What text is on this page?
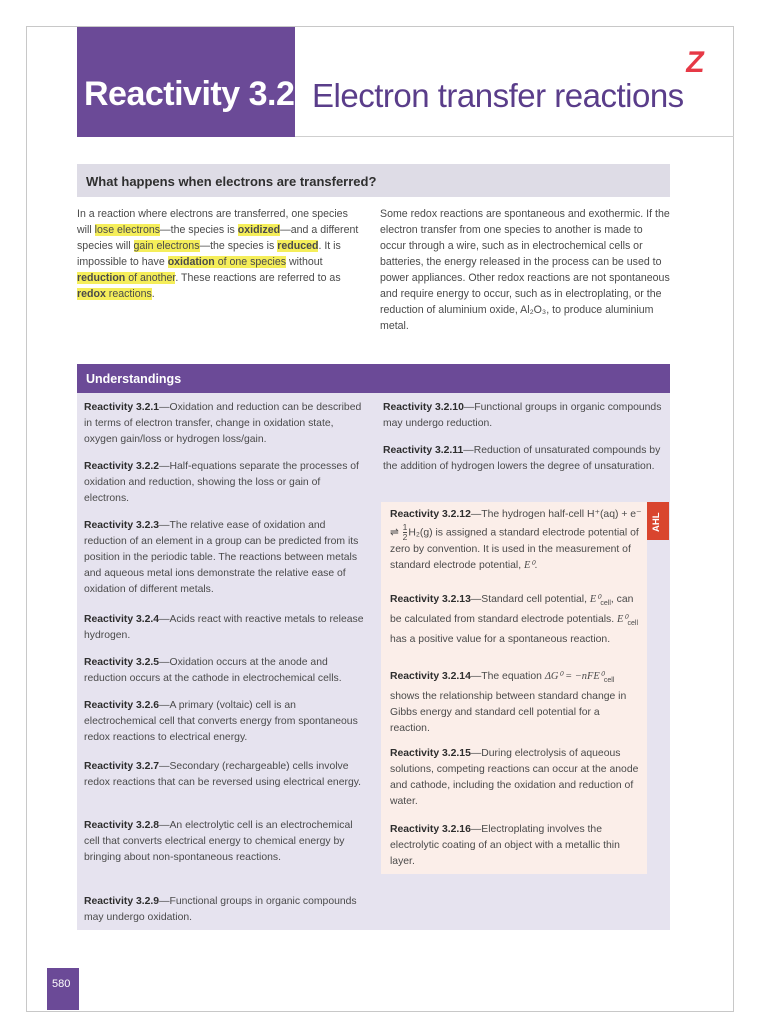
Reactivity 3.2 Electron transfer reactions
Z
What happens when electrons are transferred?
In a reaction where electrons are transferred, one species will lose electrons—the species is oxidized—and a different species will gain electrons—the species is reduced. It is impossible to have oxidation of one species without reduction of another. These reactions are referred to as redox reactions.
Some redox reactions are spontaneous and exothermic. If the electron transfer from one species to another is made to occur through a wire, such as in electrochemical cells or batteries, the energy released in the process can be used to power appliances. Other redox reactions are not spontaneous and require energy to occur, such as in electroplating, or the reduction of aluminium oxide, Al₂O₃, to produce aluminium metal.
Understandings
Reactivity 3.2.1—Oxidation and reduction can be described in terms of electron transfer, change in oxidation state, oxygen gain/loss or hydrogen loss/gain.
Reactivity 3.2.2—Half-equations separate the processes of oxidation and reduction, showing the loss or gain of electrons.
Reactivity 3.2.3—The relative ease of oxidation and reduction of an element in a group can be predicted from its position in the periodic table. The reactions between metals and aqueous metal ions demonstrate the relative ease of oxidation of different metals.
Reactivity 3.2.4—Acids react with reactive metals to release hydrogen.
Reactivity 3.2.5—Oxidation occurs at the anode and reduction occurs at the cathode in electrochemical cells.
Reactivity 3.2.6—A primary (voltaic) cell is an electrochemical cell that converts energy from spontaneous redox reactions to electrical energy.
Reactivity 3.2.7—Secondary (rechargeable) cells involve redox reactions that can be reversed using electrical energy.
Reactivity 3.2.8—An electrolytic cell is an electrochemical cell that converts electrical energy to chemical energy by bringing about non-spontaneous reactions.
Reactivity 3.2.9—Functional groups in organic compounds may undergo oxidation.
Reactivity 3.2.10—Functional groups in organic compounds may undergo reduction.
Reactivity 3.2.11—Reduction of unsaturated compounds by the addition of hydrogen lowers the degree of unsaturation.
AHL
Reactivity 3.2.12—The hydrogen half-cell H⁺(aq) + e⁻ ⇌ $\frac{1}{2} H_2(g)$ is assigned a standard electrode potential of zero by convention. It is used in the measurement of standard electrode potential, E⁰.
Reactivity 3.2.13—Standard cell potential, $E^0_{cell}$, can be calculated from standard electrode potentials. $E^0_{cell}$ has a positive value for a spontaneous reaction.
Reactivity 3.2.14—The equation $\Delta G^0 = -nFE^0_{cell}$ shows the relationship between standard change in Gibbs energy and standard cell potential for a reaction.
Reactivity 3.2.15—During electrolysis of aqueous solutions, competing reactions can occur at the anode and cathode, including the oxidation and reduction of water.
Reactivity 3.2.16—Electroplating involves the electrolytic coating of an object with a metallic thin layer.
580
